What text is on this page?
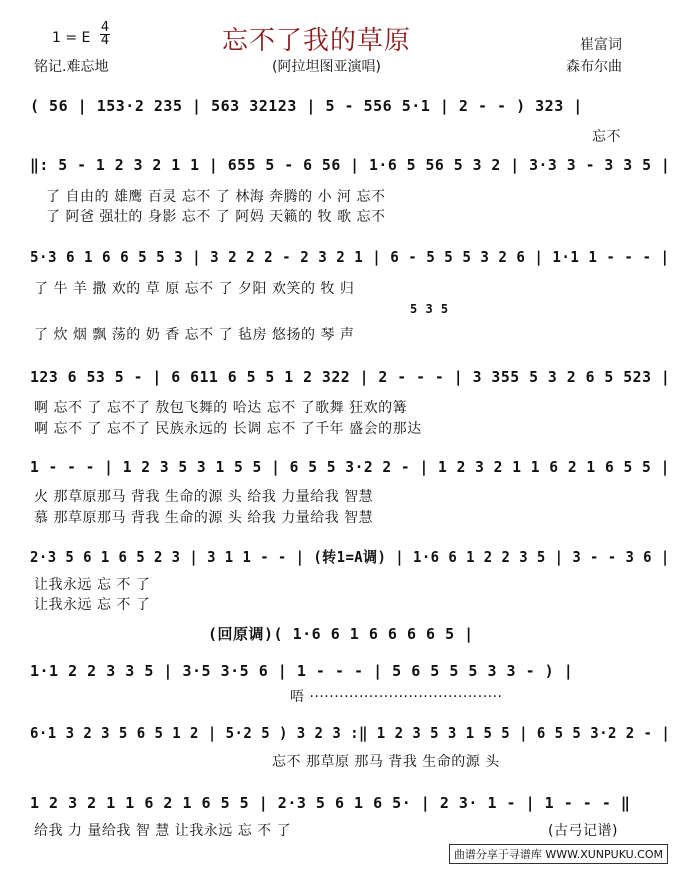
1 = E
4
4	忘不了我的草原	崔富词
森布尔曲
铭记.难忘地	(阿拉坦图亚演唱)
( 56 | 153·2 235 | 563 32123 | 5 - 556 5·1 | 2 - - ) 323 |
忘不
‖: 5 - 1 2 3 2 1 1 | 655 5 - 6 56 | 1·6 5 56 5 3 2 | 3·3 3 - 3 3 5 |
了 自由的 雄鹰 百灵 忘不 了 林海 奔腾的 小 河 忘不
了 阿爸 强壮的 身影 忘不 了 阿妈 天籁的 牧 歌 忘不
5·3 6 1 6 6 5 5 3 | 3 2 2 2 - 2 3 2 1 | 6 - 5 5 5 3 2 6 | 1·1 1 - - - |
了 牛 羊 撒 欢的 草 原 忘不 了 夕阳 欢笑的 牧 归
5 3 5
了 炊 烟 飘 荡的 奶 香 忘不 了 毡房 悠扬的 琴 声
123 6 53 5 - | 6 611 6 5 5 1 2 322 | 2 - - - | 3 355 5 3 2 6 5 523 |
啊 忘不 了 忘不了 敖包飞舞的 哈达 忘不 了歌舞 狂欢的篝
啊 忘不 了 忘不了 民族永远的 长调 忘不 了千年 盛会的那达
1 - - - | 1 2 3 5 3 1 5 5 | 6 5 5 3·2 2 - | 1 2 3 2 1 1 6 2 1 6 5 5 |
火 那草原那马 背我 生命的源 头 给我 力量给我 智慧
慕 那草原那马 背我 生命的源 头 给我 力量给我 智慧
2·3 5 6 1 6 5 2 3 | 3 1 1 - - | (转1=A调) | 1·6 6 1 2 2 3 5 | 3 - - 3 6 |
让我永远 忘 不 了
让我永远 忘 不 了
(回原调)( 1·6 6 1 6 6 6 6 5 |
1·1 2 2 3 3 5 | 3·5 3·5 6 | 1 - - - | 5 6 5 5 5 3 3 - ) |
唔 ·······································
6·1 3 2 3 5 6 5 1 2 | 5·2 5 ) 3 2 3 :‖ 1 2 3 5 3 1 5 5 | 6 5 5 3·2 2 - |
忘不 那草原 那马 背我 生命的源 头
1 2 3 2 1 1 6 2 1 6 5 5 | 2·3 5 6 1 6 5· | 2 3· 1 - | 1 - - - ‖
给我 力 量给我 智 慧 让我永远 忘 不 了	(古弓记谱)
曲谱分享于寻谱库 WWW.XUNPUKU.COM
